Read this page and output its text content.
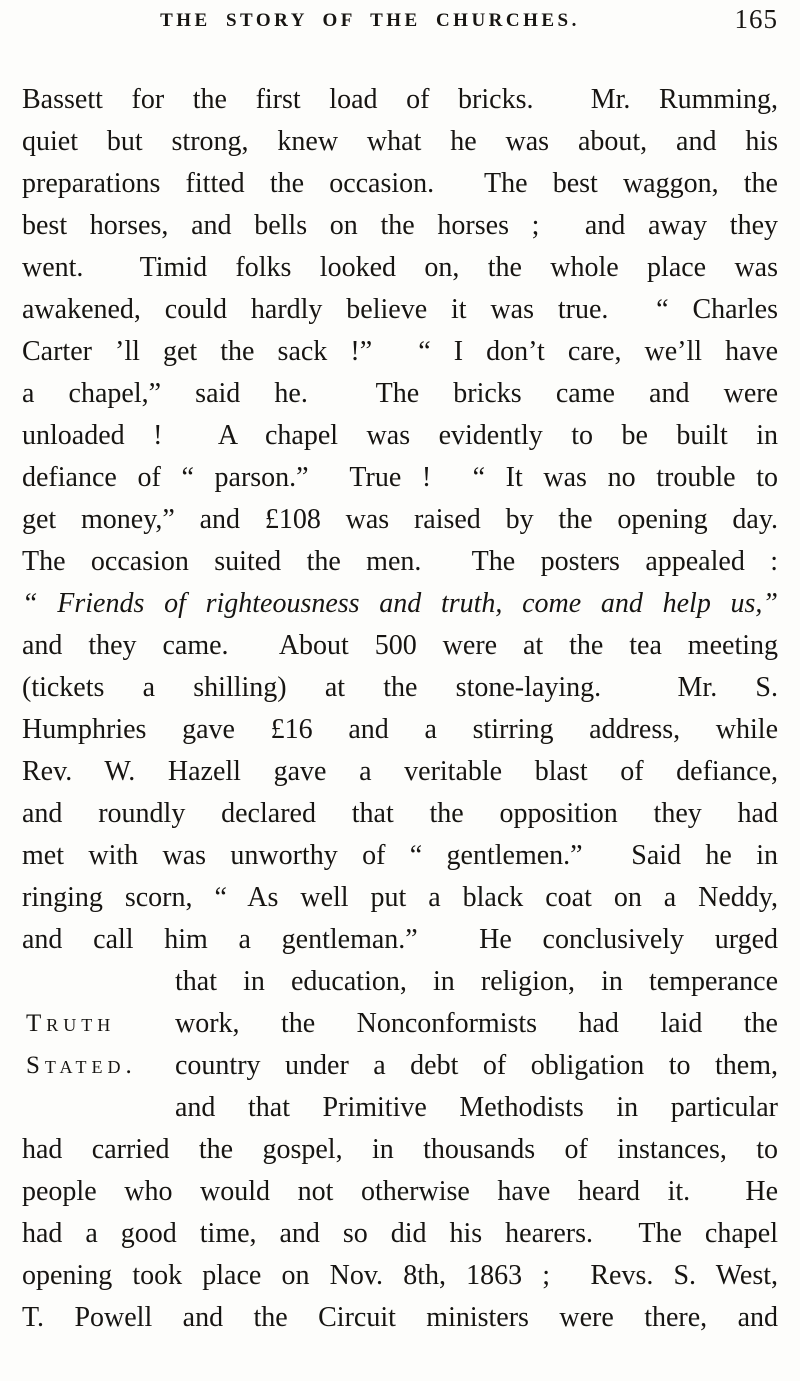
THE STORY OF THE CHURCHES.	165
Bassett for the first load of bricks.  Mr. Rumming,
quiet but strong, knew what he was about, and his
preparations fitted the occasion.  The best waggon, the
best horses, and bells on the horses ;  and away they
went.  Timid folks looked on, the whole place was
awakened, could hardly believe it was true.  “ Charles
Carter ’ll get the sack !”  “ I don’t care, we’ll have
a chapel,” said he.  The bricks came and were
unloaded !  A chapel was evidently to be built in
defiance of “ parson.”  True !  “ It was no trouble to
get money,” and £108 was raised by the opening day.
The occasion suited the men.  The posters appealed :
“ Friends of righteousness and truth, come and help us,”
and they came.  About 500 were at the tea meeting
(tickets a shilling) at the stone-laying.  Mr. S.
Humphries gave £16 and a stirring address, while
Rev. W. Hazell gave a veritable blast of defiance,
and roundly declared that the opposition they had
met with was unworthy of “ gentlemen.”  Said he in
ringing scorn, “ As well put a black coat on a Neddy,
and call him a gentleman.”  He conclusively urged
that in education, in religion, in temperance
Truth work, the Nonconformists had laid the
Stated. country under a debt of obligation to them,
and that Primitive Methodists in particular
had carried the gospel, in thousands of instances, to
people who would not otherwise have heard it.  He
had a good time, and so did his hearers.  The chapel
opening took place on Nov. 8th, 1863 ;  Revs. S. West,
T. Powell and the Circuit ministers were there, and
